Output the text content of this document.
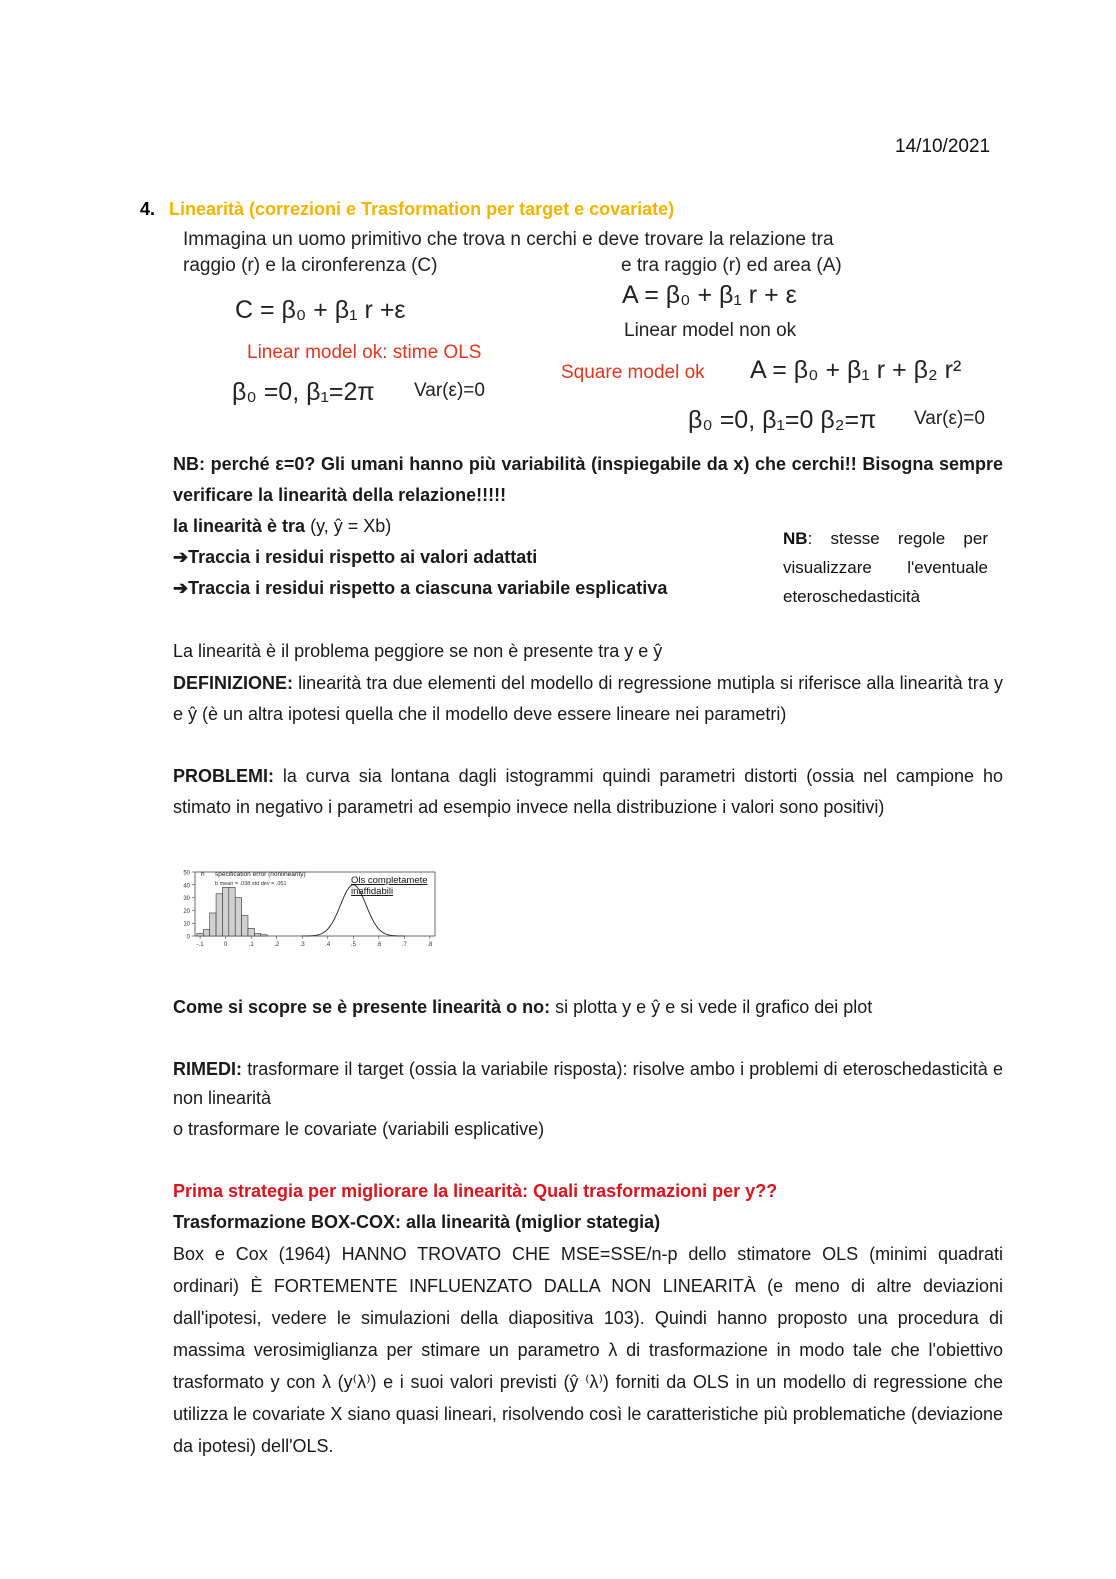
14/10/2021
4. Linearità (correzioni e Trasformation per target e covariate)
Immagina un uomo primitivo che trova n cerchi e deve trovare la relazione tra
raggio (r) e la cironferenza (C)	e tra raggio (r) ed area (A)
C = β₀ + β₁ r +ε
Linear model ok: stime OLS
β₀ =0, β₁=2π Var(ε)=0
A = β₀ + β₁ r + ε
Linear model non ok
Square model ok A = β₀ + β₁ r + β₂ r²
β₀ =0, β₁=0 β₂=π Var(ε)=0
NB: perché ε=0? Gli umani hanno più variabilità (inspiegabile da x) che cerchi!! Bisogna sempre verificare la linearità della relazione!!!!!
la linearità è tra (y, ŷ = Xb)
➔Traccia i residui rispetto ai valori adattati
➔Traccia i residui rispetto a ciascuna variabile esplicativa
NB: stesse regole per visualizzare l'eventuale eteroschedasticità
La linearità è il problema peggiore se non è presente tra y e ŷ
DEFINIZIONE: linearità tra due elementi del modello di regressione mutipla si riferisce alla linearità tra y e ŷ (è un altra ipotesi quella che il modello deve essere lineare nei parametri)
PROBLEMI: la curva sia lontana dagli istogrammi quindi parametri distorti (ossia nel campione ho stimato in negativo i parametri ad esempio invece nella distribuzione i valori sono positivi)
50
40
30
20
10
0
-.1	0	.1	.2	.3	.4	.5	.6	.7	.8
h specification error (nonlinearity)
b mean = .038 std dev = .051	Ols completamete
inaffidabili
Come si scopre se è presente linearità o no: si plotta y e ŷ e si vede il grafico dei plot
RIMEDI: trasformare il target (ossia la variabile risposta): risolve ambo i problemi di eteroschedasticità e non linearità
o trasformare le covariate (variabili esplicative)
Prima strategia per migliorare la linearità: Quali trasformazioni per y??
Trasformazione BOX-COX: alla linearità (miglior stategia)
Box e Cox (1964) HANNO TROVATO CHE MSE=SSE/n-p dello stimatore OLS (minimi quadrati ordinari) È FORTEMENTE INFLUENZATO DALLA NON LINEARITÀ (e meno di altre deviazioni dall'ipotesi, vedere le simulazioni della diapositiva 103). Quindi hanno proposto una procedura di massima verosimiglianza per stimare un parametro λ di trasformazione in modo tale che l'obiettivo trasformato y con λ (y⁽λ⁾) e i suoi valori previsti (ŷ ⁽λ⁾) forniti da OLS in un modello di regressione che utilizza le covariate X siano quasi lineari, risolvendo così le caratteristiche più problematiche (deviazione da ipotesi) dell'OLS.
